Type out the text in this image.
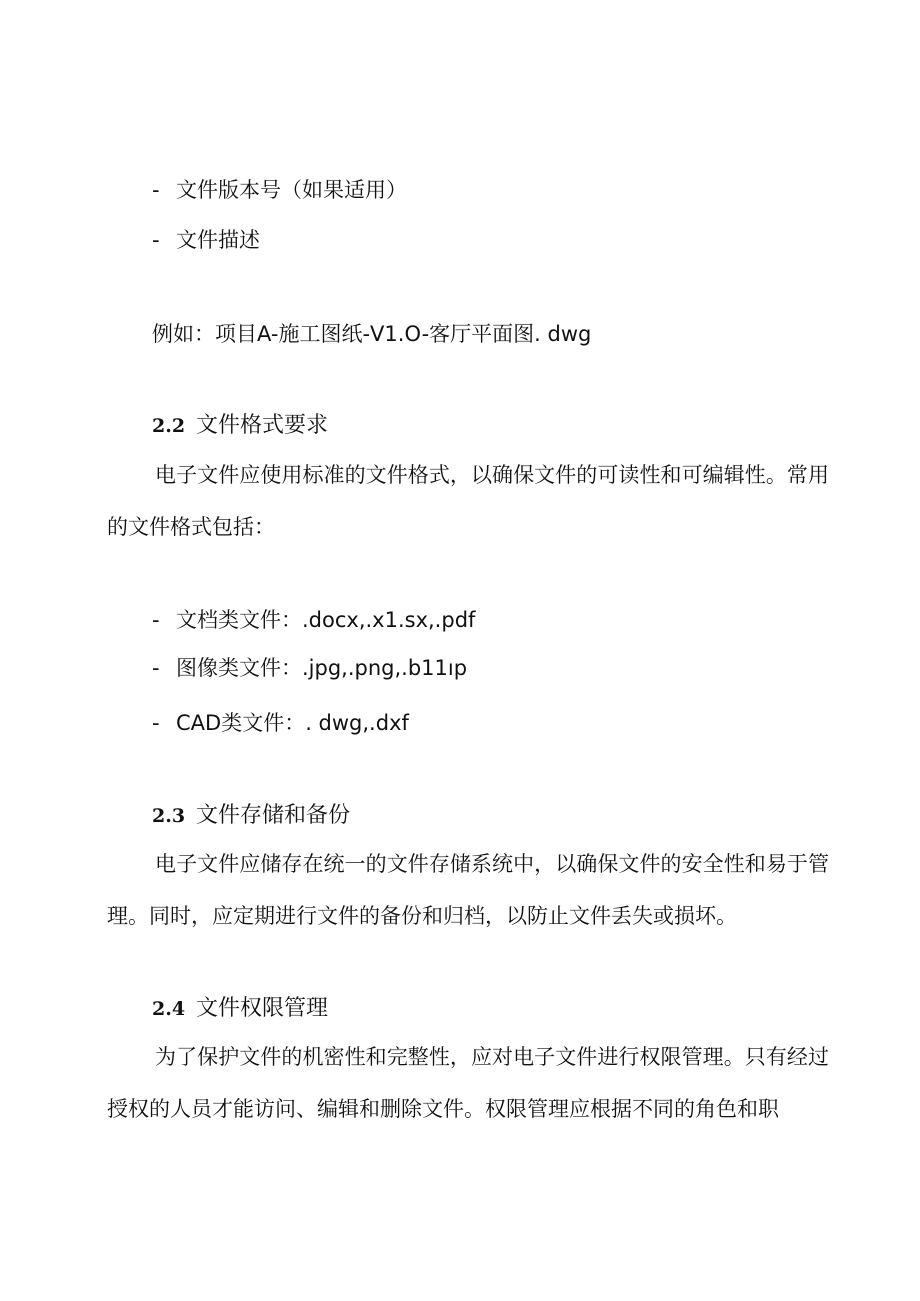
- 文件版本号（如果适用）
- 文件描述
例如：项目A-施工图纸-V1.O-客厅平面图. dwg
2.2 文件格式要求
电子文件应使用标准的文件格式，以确保文件的可读性和可编辑性。常用的文件格式包括：
- 文档类文件：.docx,.x1.sx,.pdf
- 图像类文件：.jpg,.png,.b11ıp
- CAD类文件：. dwg,.dxf
2.3 文件存储和备份
电子文件应储存在统一的文件存储系统中，以确保文件的安全性和易于管理。同时，应定期进行文件的备份和归档，以防止文件丢失或损坏。
2.4 文件权限管理
为了保护文件的机密性和完整性，应对电子文件进行权限管理。只有经过授权的人员才能访问、编辑和删除文件。权限管理应根据不同的角色和职
